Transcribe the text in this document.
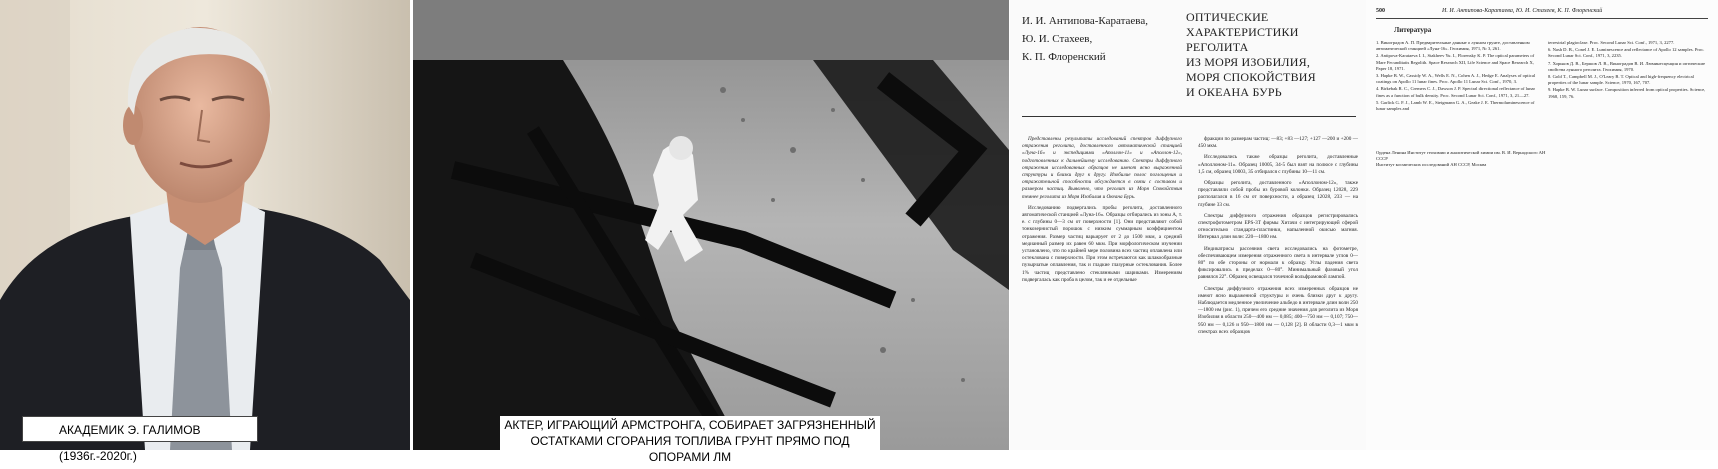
АКАДЕМИК Э. ГАЛИМОВ (1936г.-2020г.)
АКТЕР, ИГРАЮЩИЙ АРМСТРОНГА, СОБИРАЕТ ЗАГРЯЗНЕННЫЙ
ОСТАТКАМИ СГОРАНИЯ ТОПЛИВА ГРУНТ ПРЯМО ПОД ОПОРАМИ ЛМ
И. И. Антипова-Каратаева,
Ю. И. Стахеев,
К. П. Флоренский
ОПТИЧЕСКИЕ
ХАРАКТЕРИСТИКИ
РЕГОЛИТА
ИЗ МОРЯ ИЗОБИЛИЯ,
МОРЯ СПОКОЙСТВИЯ
И ОКЕАНА БУРЬ

Представлены результаты исследований спектров диффузного отражения реголита, доставленного автоматической станцией «Луна-16» и экспедициями «Аполлон-11» и «Аполлон-12», подготовленных к дальнейшему исследованию. Спектры диффузного отражения исследованных образцов не имеют ясно выраженной структуры и близки друг к другу. Изобилие полос поглощения и отражательной способности обсуждается в связи с составом и размером частиц. Выявлено, что реголит из Моря Спокойствия темнее реголита из Моря Изобилия и Океана Бурь.

Исследованию подвергались пробы реголита, доставленного автоматической станцией «Луна-16». Образцы отбирались из зоны А, т. е. с глубины 0—3 см от поверхности [1]. Они представляют собой тонкозернистый порошок с низким суммарным коэффициентом отражения. Размер частиц варьирует от 2 до 1500 мкм, а средний медианный размер их равен 60 мкм. При морфологическом изучении установлено, что по крайней мере половина всех частиц оплавлена или остеклована с поверхности. При этом встречаются как шлакообразные пузырчатые оплавления, так и гладкие глазурные остеклования. Более 1% частиц представлено стеклянными шариками. Измерениям подвергалась как проба в целом, так и ее отдельные

фракции по размерам частиц: —83; +83 —127; +127 —200 и +200 —450 мкм.

Исследовались также образцы реголита, доставленные «Аполлоном-11». Образец 10005, 34-5 был взят на полюсе с глубины 1,5 см, образец 10003, 35 отбирался с глубины 10—11 см.

Образцы реголита, доставленного «Аполлоном-12», также представляли собой пробы из буровой колонки. Образец 12028, 229 располагался в 16 см от поверхности, а образец 12028, 233 — на глубине 33 см.

Спектры диффузного отражения образцов регистрировались спектрофотометром EPS-3T фирмы Хитачи с интегрирующей сферой относительно стандарта-пластинки, напыленной окисью магния. Интервал длин волн: 220—1800 нм.

Индикатрисы рассеяния света исследовались на фотометре, обеспечивающем измерения отраженного света в интервале углов 0—80° по обе стороны от нормали к образцу. Углы падения света фиксировались в пределах 0—80°. Минимальный фазовый угол равнялся 22°. Образец освещался точечной вольфрамовой лампой.

Спектры диффузного отражения всех измеренных образцов не имеют ясно выраженной структуры и очень близки друг к другу. Наблюдается медленное увеличение альбедо в интервале длин волн 250—1800 нм (рис. 1), причем его средние значения для реголита из Моря Изобилия в области 250—400 нм — 0,085; 400—750 нм — 0,107; 750—950 нм — 0,126 и 950—1800 нм — 0,128 [2]. В области 0,3—1 мкм в спектрах всех образцов

500	И. И. Антипова-Каратаева, Ю. И. Стахеев, К. П. Флоренский
Литература
1. Виноградов А. П. Предварительные данные о лунном грунте, доставленном автоматической станцией «Луна-16». Геохимия, 1971, № 3, 261.
2. Antipova-Karataeva I. I., Stakheev Yu. I., Florensky K. P. The optical parameters of Mare Fecunditatis Regolith. Space Research XII, Life Science and Space Research X, Paper 18, 1971.
3. Hapke B. W., Cassidy W. A., Wells E. N., Cohen A. J., Hedge E. Analyses of optical coatings on Apollo 11 lunar fines. Proc. Apollo 11 Lunar Sci. Conf., 1970, 3.
4. Birkebak R. C., Cremers C. J., Dawson J. P. Spectral directional reflectance of lunar fines as a function of bulk density. Proc. Second Lunar Sci. Conf., 1971, 3, 21—27.
5. Garlick G. F. J., Lamb W. E., Steigmann G. A., Geake J. E. Thermoluminescence of lunar samples and
terrestrial plagioclase. Proc. Second Lunar Sci. Conf., 1971, 3, 2277.
6. Nash D. B., Conel J. E. Luminescence and reflectance of Apollo 12 samples. Proc. Second Lunar Sci. Conf., 1971, 3, 2235.
7. Хорьков Д. В., Бершов Л. В., Виноградов В. И. Люминесценция и оптические свойства лунного реголита. Геохимия, 1970.
8. Gold T., Campbell M. J., O'Leary B. T. Optical and high-frequency electrical properties of the lunar sample. Science, 1970, 167, 707.
9. Hapke B. W. Lunar surface. Composition inferred from optical properties. Science, 1968, 159, 76.
Ордена Ленина Институт геохимии и аналитической химии им. В. И. Вернадского АН СССР
Институт космических исследований АН СССР, Москва
